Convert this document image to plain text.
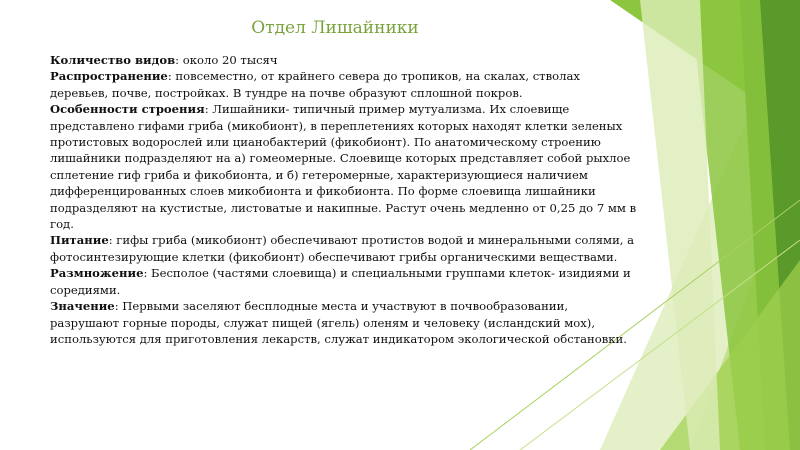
Отдел Лишайники

Количество видов: около 20 тысяч

Распространение: повсеместно, от крайнего севера до тропиков, на скалах, стволах деревьев, почве, постройках. В тундре на почве образуют сплошной покров.

Особенности строения: Лишайники- типичный пример мутуализма. Их слоевище представлено гифами гриба (микобионт), в переплетениях которых находят клетки зеленых протистовых водорослей или цианобактерий (фикобионт). По анатомическому строению лишайники подразделяют на а) гомеомерные. Слоевище которых представляет собой рыхлое сплетение гиф гриба и фикобионта, и б) гетеромерные, характеризующиеся наличием дифференцированных слоев микобионта и фикобионта. По форме слоевища лишайники подразделяют на кустистые, листоватые и накипные. Растут очень медленно от 0,25 до 7 мм в год.

Питание: гифы гриба (микобионт) обеспечивают протистов водой и минеральными солями, а фотосинтезирующие клетки (фикобионт) обеспечивают грибы органическими веществами.

Размножение: Бесполое (частями слоевища) и специальными группами клеток- изидиями и соредиями.

Значение: Первыми заселяют бесплодные места и участвуют в почвообразовании, разрушают горные породы, служат пищей (ягель) оленям и человеку (исландский мох), используются для приготовления лекарств, служат индикатором экологической обстановки.
